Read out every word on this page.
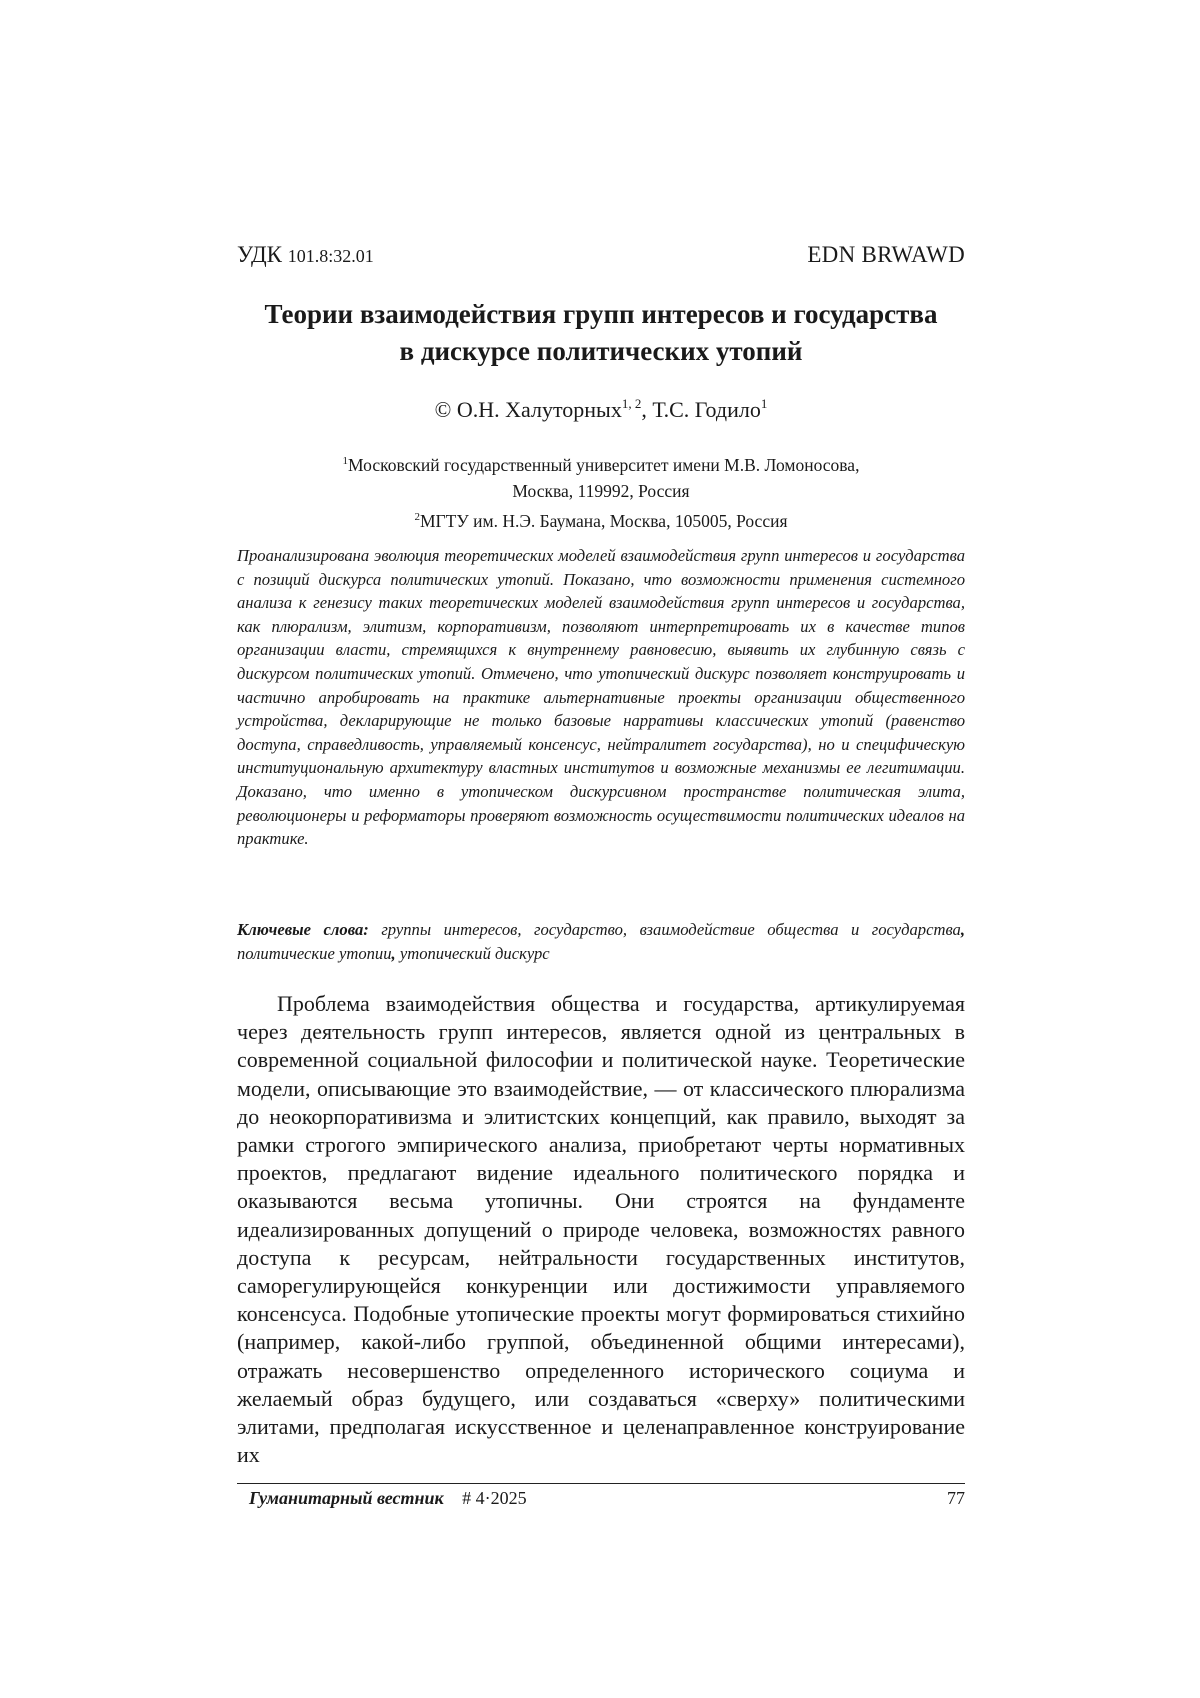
УДК 101.8:32.01	EDN BRWAWD
Теории взаимодействия групп интересов и государства
в дискурсе политических утопий
© О.Н. Халуторных$^{1, 2}$, Т.С. Годило$^1$
$^1$Московский государственный университет имени М.В. Ломоносова,
Москва, 119992, Россия
$^2$МГТУ им. Н.Э. Баумана, Москва, 105005, Россия
Проанализирована эволюция теоретических моделей взаимодействия групп интересов и государства с позиций дискурса политических утопий. Показано, что возможности применения системного анализа к генезису таких теоретических моделей взаимодействия групп интересов и государства, как плюрализм, элитизм, корпоративизм, позволяют интерпретировать их в качестве типов организации власти, стремящихся к внутреннему равновесию, выявить их глубинную связь с дискурсом политических утопий. Отмечено, что утопический дискурс позволяет конструировать и частично апробировать на практике альтернативные проекты организации общественного устройства, декларирующие не только базовые нарративы классических утопий (равенство доступа, справедливость, управляемый консенсус, нейтралитет государства), но и специфическую институциональную архитектуру властных институтов и возможные механизмы ее легитимации. Доказано, что именно в утопическом дискурсивном пространстве политическая элита, революционеры и реформаторы проверяют возможность осуществимости политических идеалов на практике.
Ключевые слова: группы интересов, государство, взаимодействие общества и государства, политические утопии, утопический дискурс
Проблема взаимодействия общества и государства, артикулируемая через деятельность групп интересов, является одной из центральных в современной социальной философии и политической науке. Теоретические модели, описывающие это взаимодействие, — от классического плюрализма до неокорпоративизма и элитистских концепций, как правило, выходят за рамки строгого эмпирического анализа, приобретают черты нормативных проектов, предлагают видение идеального политического порядка и оказываются весьма утопичны. Они строятся на фундаменте идеализированных допущений о природе человека, возможностях равного доступа к ресурсам, нейтральности государственных институтов, саморегулирующейся конкуренции или достижимости управляемого консенсуса. Подобные утопические проекты могут формироваться стихийно (например, какой-либо группой, объединенной общими интересами), отражать несовершенство определенного исторического социума и желаемый образ будущего, или создаваться «сверху» политическими элитами, предполагая искусственное и целенаправленное конструирование их
Гуманитарный вестник # 4·2025	77
